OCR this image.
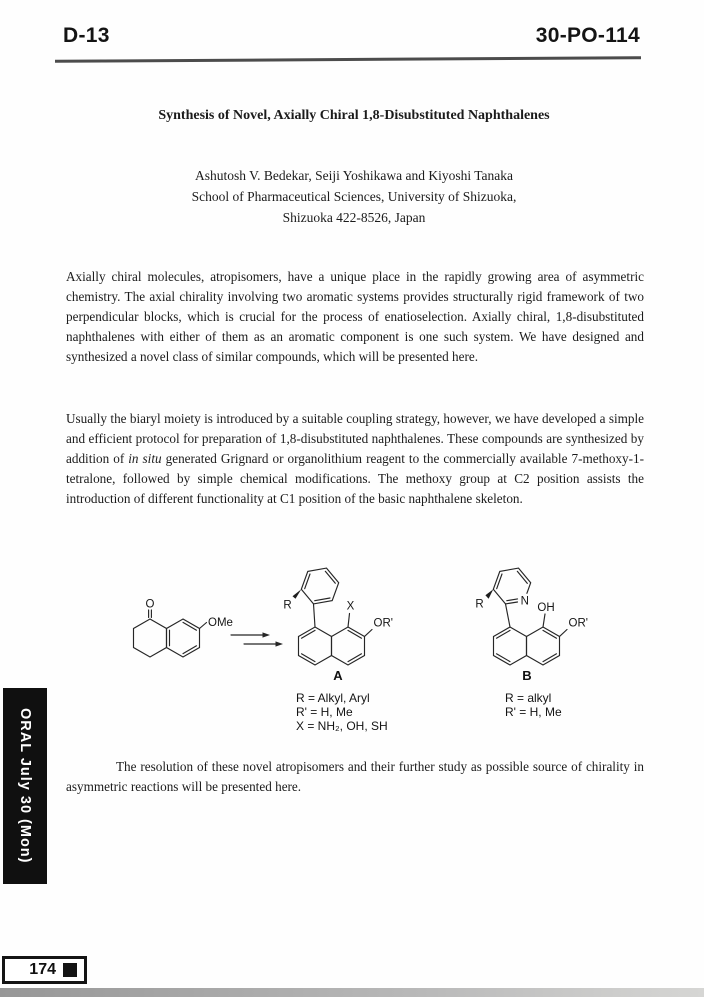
D-13	30-PO-114
Synthesis of Novel, Axially Chiral 1,8-Disubstituted Naphthalenes
Ashutosh V. Bedekar, Seiji Yoshikawa and Kiyoshi Tanaka
School of Pharmaceutical Sciences, University of Shizuoka,
Shizuoka 422-8526, Japan
Axially chiral molecules, atropisomers, have a unique place in the rapidly growing area of asymmetric chemistry. The axial chirality involving two aromatic systems provides structurally rigid framework of two perpendicular blocks, which is crucial for the process of enatioselection. Axially chiral, 1,8-disubstituted naphthalenes with either of them as an aromatic component is one such system. We have designed and synthesized a novel class of similar compounds, which will be presented here.
Usually the biaryl moiety is introduced by a suitable coupling strategy, however, we have developed a simple and efficient protocol for preparation of 1,8-disubstituted naphthalenes. These compounds are synthesized by addition of in situ generated Grignard or organolithium reagent to the commercially available 7-methoxy-1-tetralone, followed by simple chemical modifications. The methoxy group at C2 position assists the introduction of different functionality at C1 position of the basic naphthalene skeleton.
O
OMe
R	X
OR'
A
R = Alkyl, Aryl
R' = H, Me
X = NH₂, OH, SH
N
R	OH
OR'
B
R = alkyl
R' = H, Me
The resolution of these novel atropisomers and their further study as possible source of chirality in asymmetric reactions will be presented here.
ORAL July 30 (Mon)
174
